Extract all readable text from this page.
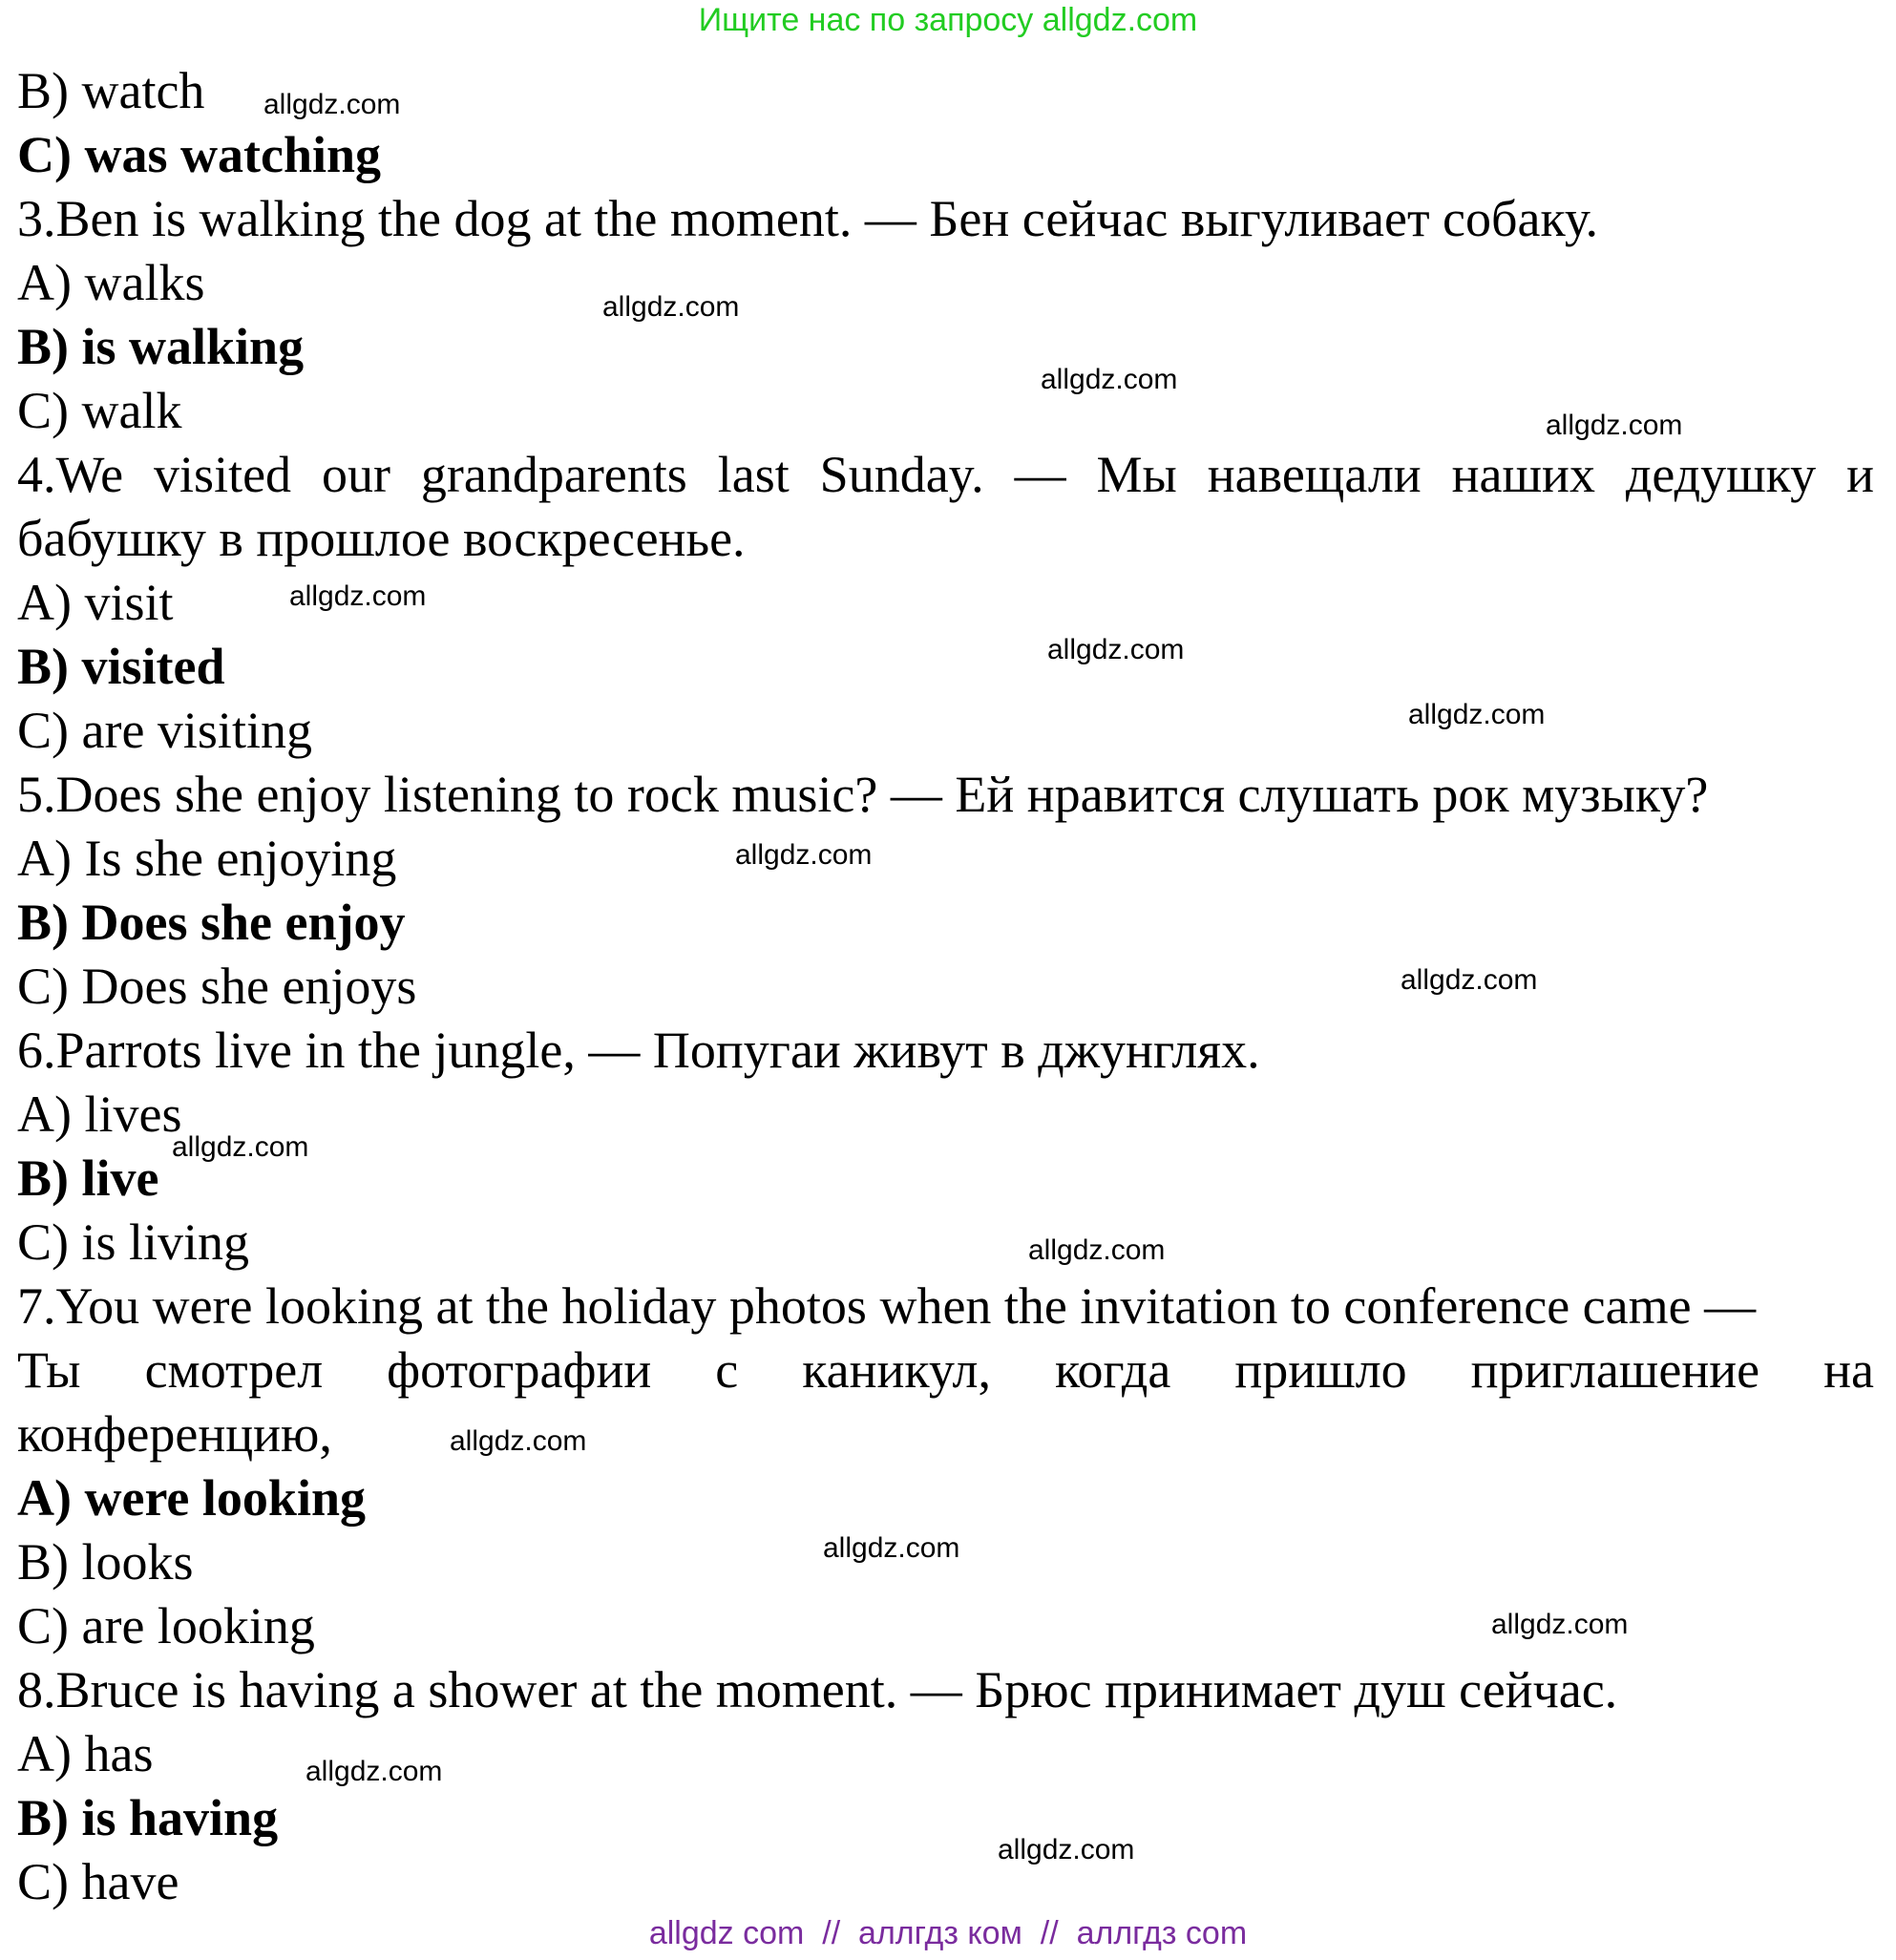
Ищите нас по запросу allgdz.com
B) watch
C) was watching
3.Ben is walking the dog at the moment. — Бен сейчас выгуливает собаку.
A) walks
B) is walking
C) walk
4.We visited our grandparents last Sunday. — Мы навещали наших дедушку и
бабушку в прошлое воскресенье.
A) visit
B) visited
C) are visiting
5.Does she enjoy listening to rock music? — Ей нравится слушать рок музыку?
A) Is she enjoying
B) Does she enjoy
C) Does she enjoys
6.Parrots live in the jungle, — Попугаи живут в джунглях.
A) lives
B) live
C) is living
7.You were looking at the holiday photos when the invitation to conference came —
Ты смотрел фотографии с каникул, когда пришло приглашение на
конференцию,
A) were looking
B) looks
C) are looking
8.Bruce is having a shower at the moment. — Брюс принимает душ сейчас.
A) has
B) is having
C) have
allgdz.com
allgdz.com
allgdz.com
allgdz.com
allgdz.com
allgdz.com
allgdz.com
allgdz.com
allgdz.com
allgdz.com
allgdz.com
allgdz.com
allgdz.com
allgdz.com
allgdz.com
allgdz.com
allgdz com  //  аллгдз ком  //  аллгдз com
